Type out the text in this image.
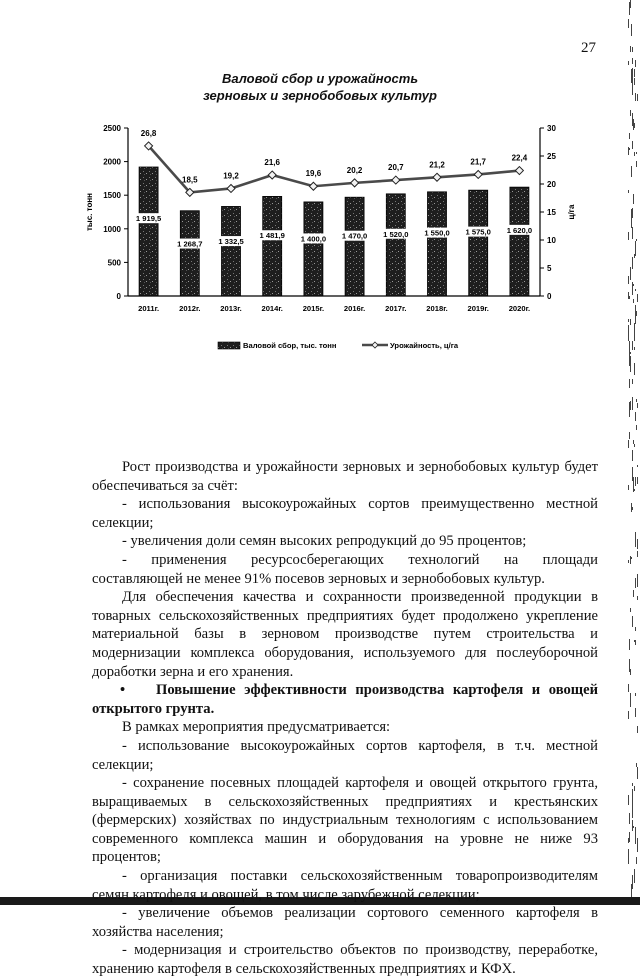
27
Валовой сбор и урожайность
зерновых и зернобобовых культур
0
500
1000
1500
2000
2500
0
5
10
15
20
25
30
тыс. тонн	ц/га
1 919,5
2011г.
1 268,7
2012г.
1 332,5
2013г.
1 481,9
2014г.
1 400,0
2015г.
1 470,0
2016г.
1 520,0
2017г.
1 550,0
2018г.
1 575,0
2019г.
1 620,0
2020г.
26,8
18,5	19,2
21,6
19,6	20,2	20,7	21,2	21,7	22,4
Валовой сбор, тыс. тонн	Урожайность, ц/га

Рост производства и урожайности зерновых и зернобобовых культур будет обеспечиваться за счёт:

- использования высокоурожайных сортов преимущественно местной селекции;

- увеличения доли семян высоких репродукций до 95 процентов;

- применения ресурсосберегающих технологий на площади

составляющей не менее 91% посевов зерновых и зернобобовых культур.

Для обеспечения качества и сохранности произведенной продукции в товарных сельскохозяйственных предприятиях будет продолжено укрепление материальной базы в зерновом производстве путем строительства и модернизации комплекса оборудования, используемого для послеуборочной доработки зерна и его хранения.

• Повышение эффективности производства картофеля и овощей открытого грунта.

В рамках мероприятия предусматривается:

- использование высокоурожайных сортов картофеля, в т.ч. местной селекции;

- сохранение посевных площадей картофеля и овощей открытого грунта, выращиваемых в сельскохозяйственных предприятиях и крестьянских (фермерских) хозяйствах по индустриальным технологиям с использованием современного комплекса машин и оборудования на уровне не ниже 93 процентов;

- организация поставки сельскохозяйственным товаропроизводителям семян картофеля и овощей, в том числе зарубежной селекции;

- увеличение объемов реализации сортового семенного картофеля в хозяйства населения;

- модернизация и строительство объектов по производству, переработке, хранению картофеля в сельскохозяйственных предприятиях и КФХ.
